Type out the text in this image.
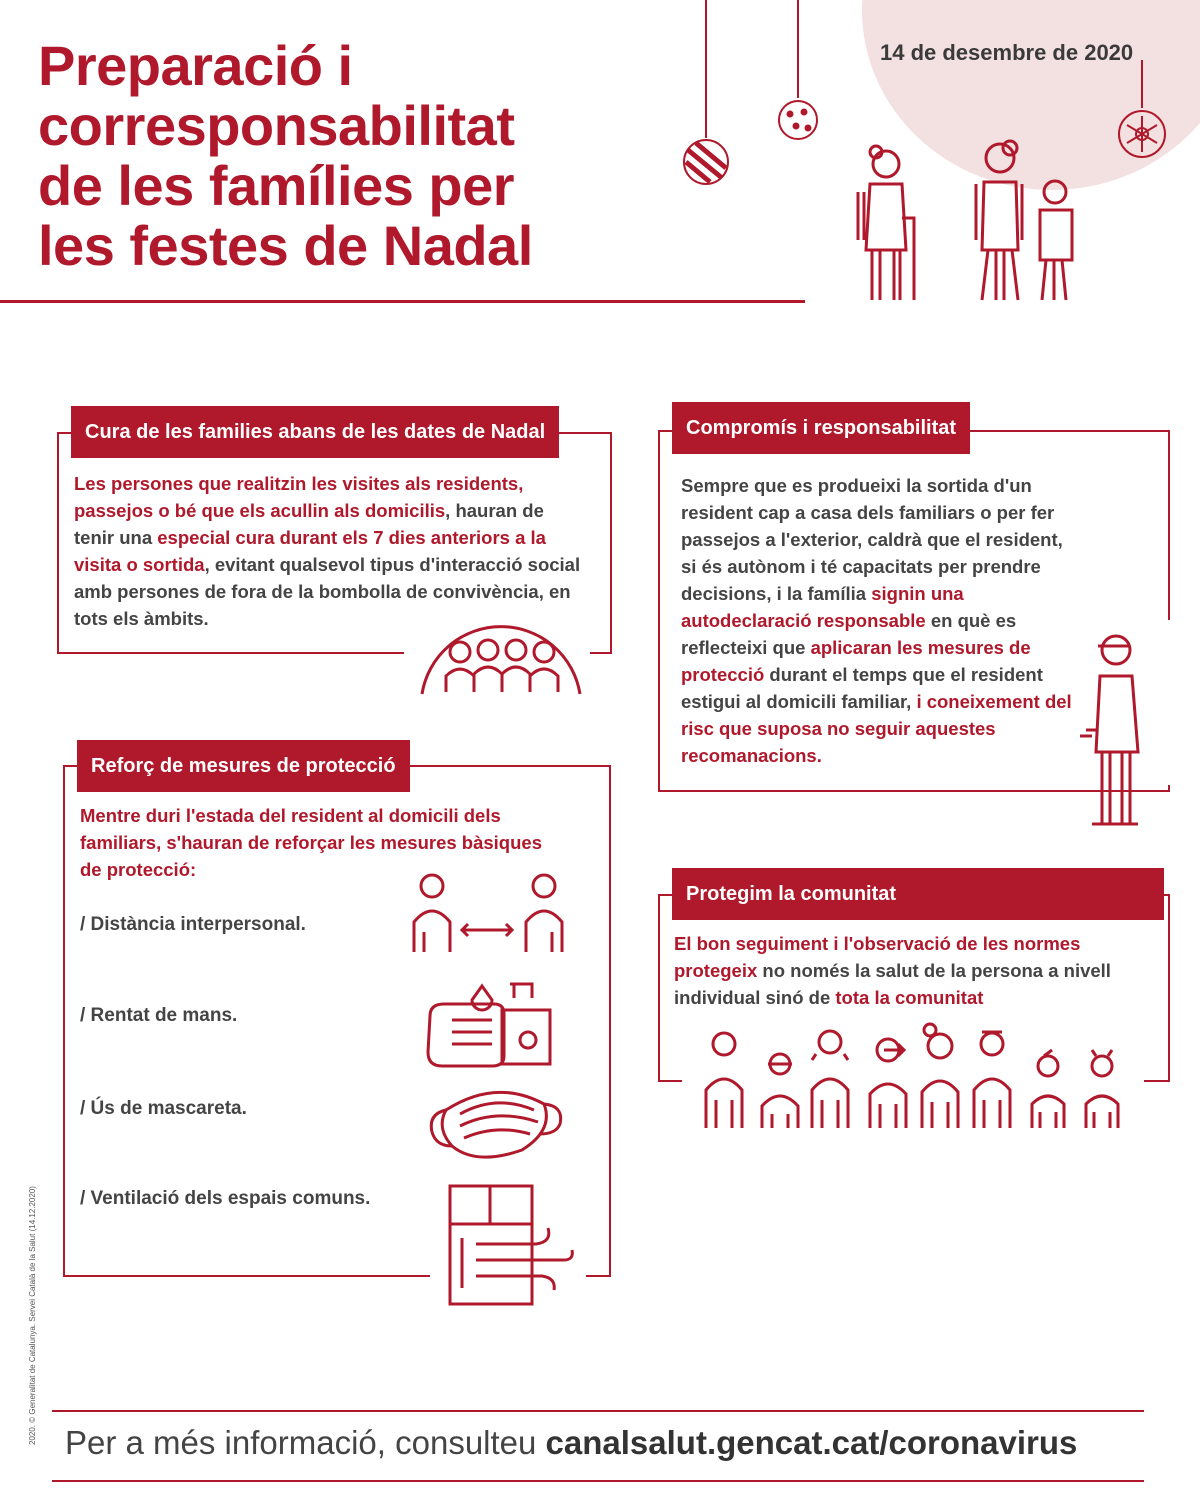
Preparació i
corresponsabilitat
de les famílies per
les festes de Nadal
14 de desembre de 2020
Cura de les families abans de les dates de Nadal
Les persones que realitzin les visites als residents, passejos o bé que els acullin als domicilis, hauran de tenir una especial cura durant els 7 dies anteriors a la visita o sortida, evitant qualsevol tipus d'interacció social amb persones de fora de la bombolla de convivència, en tots els àmbits.
Compromís i responsabilitat
Sempre que es produeixi la sortida d'un resident cap a casa dels familiars o per fer passejos a l'exterior, caldrà que el resident, si és autònom i té capacitats per prendre decisions, i la família signin una autodeclaració responsable en què es reflecteixi que aplicaran les mesures de protecció durant el temps que el resident estigui al domicili familiar, i coneixement del risc que suposa no seguir aquestes recomanacions.
Reforç de mesures de protecció
Mentre duri l'estada del resident al domicili dels familiars, s'hauran de reforçar les mesures bàsiques de protecció:
/ Distància interpersonal.
/ Rentat de mans.
/ Ús de mascareta.
/ Ventilació dels espais comuns.
Protegim la comunitat
El bon seguiment i l'observació de les normes protegeix no només la salut de la persona a nivell individual sinó de tota la comunitat
Per a més informació, consulteu canalsalut.gencat.cat/coronavirus
2020. © Generalitat de Catalunya. Servei Català de la Salut (14.12.2020)
